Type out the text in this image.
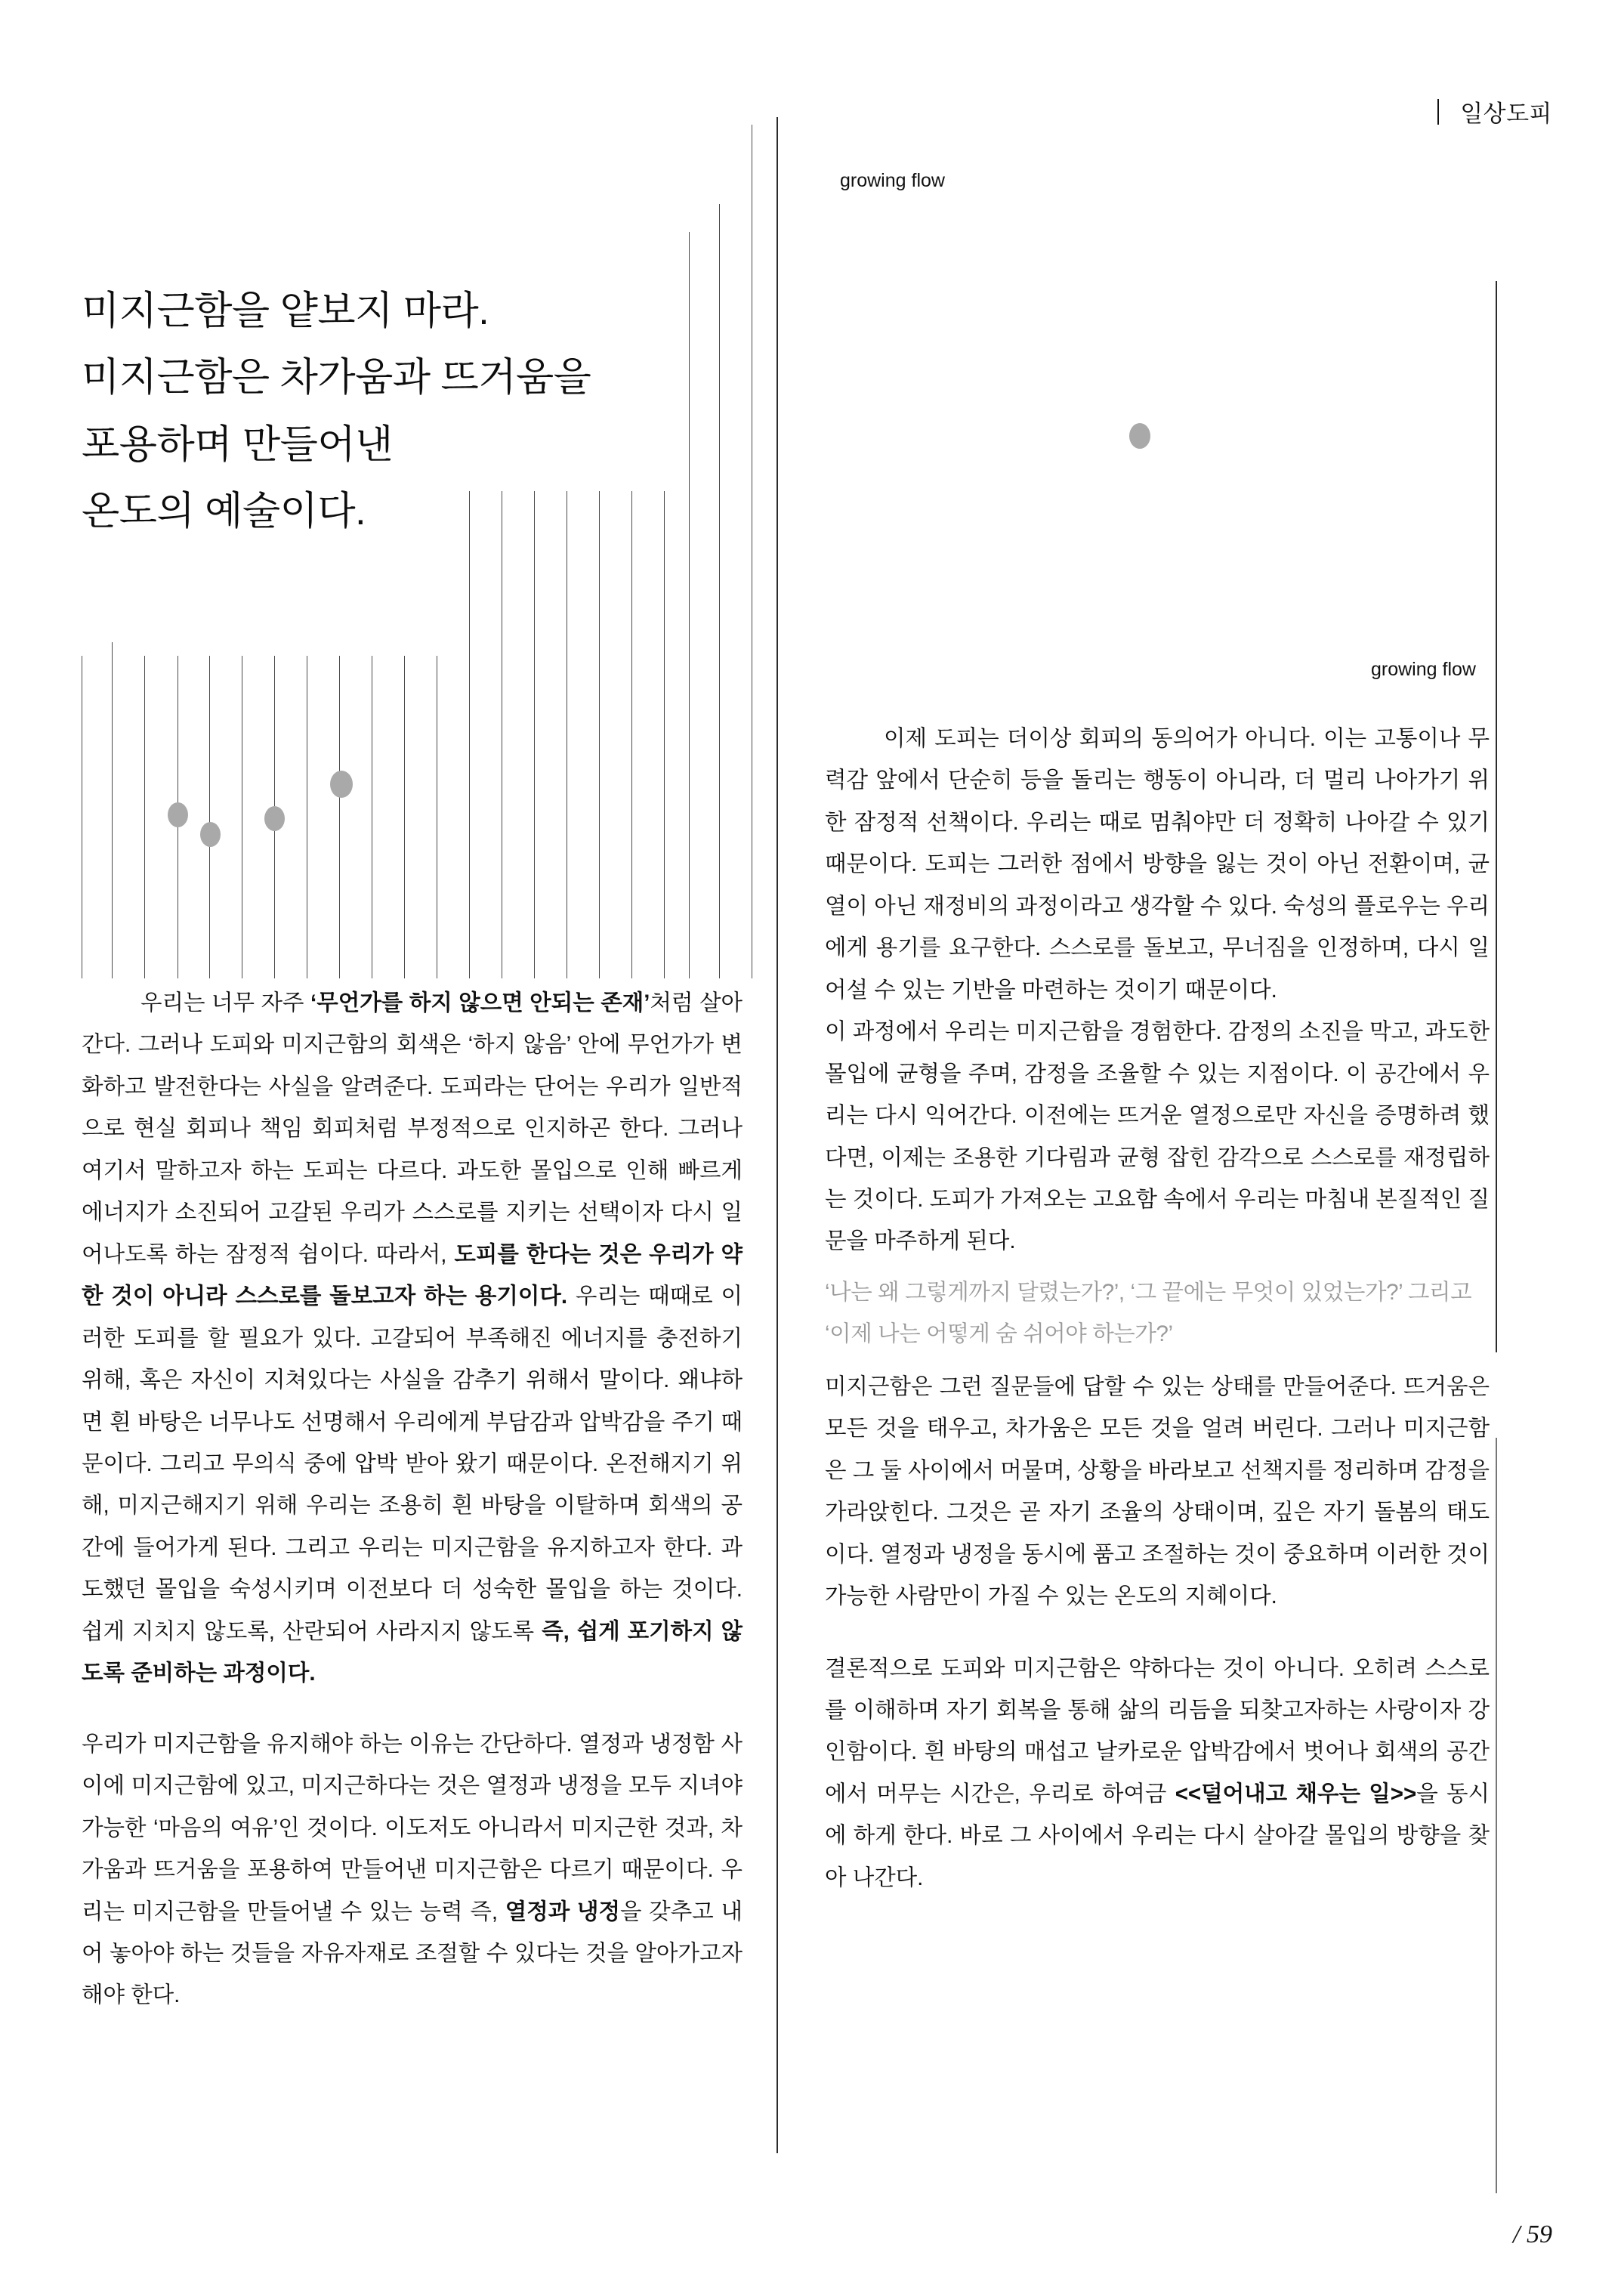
일상도피
미지근함을 얕보지 마라.
미지근함은 차가움과 뜨거움을
포용하며 만들어낸
온도의 예술이다.

우리는 너무 자주 ‘무언가를 하지 않으면 안되는 존재’처럼 살아간다. 그러나 도피와 미지근함의 회색은 ‘하지 않음’ 안에 무언가가 변화하고 발전한다는 사실을 알려준다. 도피라는 단어는 우리가 일반적으로 현실 회피나 책임 회피처럼 부정적으로 인지하곤 한다. 그러나 여기서 말하고자 하는 도피는 다르다. 과도한 몰입으로 인해 빠르게 에너지가 소진되어 고갈된 우리가 스스로를 지키는 선택이자 다시 일어나도록 하는 잠정적 쉼이다. 따라서, 도피를 한다는 것은 우리가 약한 것이 아니라 스스로를 돌보고자 하는 용기이다. 우리는 때때로 이러한 도피를 할 필요가 있다. 고갈되어 부족해진 에너지를 충전하기 위해, 혹은 자신이 지쳐있다는 사실을 감추기 위해서 말이다. 왜냐하면 흰 바탕은 너무나도 선명해서 우리에게 부담감과 압박감을 주기 때문이다. 그리고 무의식 중에 압박 받아 왔기 때문이다. 온전해지기 위해, 미지근해지기 위해 우리는 조용히 흰 바탕을 이탈하며 회색의 공간에 들어가게 된다. 그리고 우리는 미지근함을 유지하고자 한다. 과도했던 몰입을 숙성시키며 이전보다 더 성숙한 몰입을 하는 것이다. 쉽게 지치지 않도록, 산란되어 사라지지 않도록 즉, 쉽게 포기하지 않도록 준비하는 과정이다.

우리가 미지근함을 유지해야 하는 이유는 간단하다. 열정과 냉정함 사이에 미지근함에 있고, 미지근하다는 것은 열정과 냉정을 모두 지녀야 가능한 ‘마음의 여유’인 것이다. 이도저도 아니라서 미지근한 것과, 차가움과 뜨거움을 포용하여 만들어낸 미지근함은 다르기 때문이다. 우리는 미지근함을 만들어낼 수 있는 능력 즉, 열정과 냉정을 갖추고 내어 놓아야 하는 것들을 자유자재로 조절할 수 있다는 것을 알아가고자 해야 한다.

growing flow
growing flow

이제 도피는 더이상 회피의 동의어가 아니다. 이는 고통이나 무력감 앞에서 단순히 등을 돌리는 행동이 아니라, 더 멀리 나아가기 위한 잠정적 선책이다. 우리는 때로 멈춰야만 더 정확히 나아갈 수 있기 때문이다. 도피는 그러한 점에서 방향을 잃는 것이 아닌 전환이며, 균열이 아닌 재정비의 과정이라고 생각할 수 있다. 숙성의 플로우는 우리에게 용기를 요구한다. 스스로를 돌보고, 무너짐을 인정하며, 다시 일어설 수 있는 기반을 마련하는 것이기 때문이다.

이 과정에서 우리는 미지근함을 경험한다. 감정의 소진을 막고, 과도한 몰입에 균형을 주며, 감정을 조율할 수 있는 지점이다. 이 공간에서 우리는 다시 익어간다. 이전에는 뜨거운 열정으로만 자신을 증명하려 했다면, 이제는 조용한 기다림과 균형 잡힌 감각으로 스스로를 재정립하는 것이다. 도피가 가져오는 고요함 속에서 우리는 마침내 본질적인 질문을 마주하게 된다.

‘나는 왜 그렇게까지 달렸는가?’, ‘그 끝에는 무엇이 있었는가?’ 그리고 ‘이제 나는 어떻게 숨 쉬어야 하는가?’

미지근함은 그런 질문들에 답할 수 있는 상태를 만들어준다. 뜨거움은 모든 것을 태우고, 차가움은 모든 것을 얼려 버린다. 그러나 미지근함은 그 둘 사이에서 머물며, 상황을 바라보고 선책지를 정리하며 감정을 가라앉힌다. 그것은 곧 자기 조율의 상태이며, 깊은 자기 돌봄의 태도이다. 열정과 냉정을 동시에 품고 조절하는 것이 중요하며 이러한 것이 가능한 사람만이 가질 수 있는 온도의 지혜이다.

결론적으로 도피와 미지근함은 약하다는 것이 아니다. 오히려 스스로를 이해하며 자기 회복을 통해 삶의 리듬을 되찾고자하는 사랑이자 강인함이다. 흰 바탕의 매섭고 날카로운 압박감에서 벗어나 회색의 공간에서 머무는 시간은, 우리로 하여금 <<덜어내고 채우는 일>>을 동시에 하게 한다. 바로 그 사이에서 우리는 다시 살아갈 몰입의 방향을 찾아 나간다.

/ 59
